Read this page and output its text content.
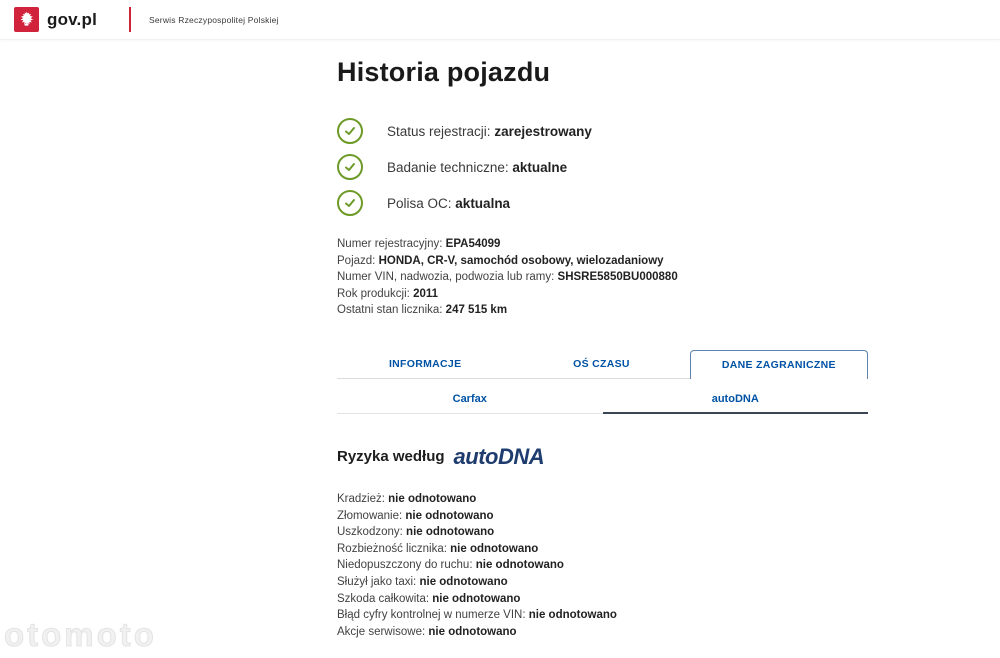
gov.pl	Serwis Rzeczypospolitej Polskiej
Historia pojazdu
Status rejestracji: zarejestrowany
Badanie techniczne: aktualne
Polisa OC: aktualna
Numer rejestracyjny: EPA54099
Pojazd: HONDA, CR-V, samochód osobowy, wielozadaniowy
Numer VIN, nadwozia, podwozia lub ramy: SHSRE5850BU000880
Rok produkcji: 2011
Ostatni stan licznika: 247 515 km
INFORMACJE	OŚ CZASU	DANE ZAGRANICZNE
Carfax	autoDNA
Ryzyka według autoDNA
Kradzież: nie odnotowano
Złomowanie: nie odnotowano
Uszkodzony: nie odnotowano
Rozbieżność licznika: nie odnotowano
Niedopuszczony do ruchu: nie odnotowano
Służył jako taxi: nie odnotowano
Szkoda całkowita: nie odnotowano
Błąd cyfry kontrolnej w numerze VIN: nie odnotowano
Akcje serwisowe: nie odnotowano
otomoto
